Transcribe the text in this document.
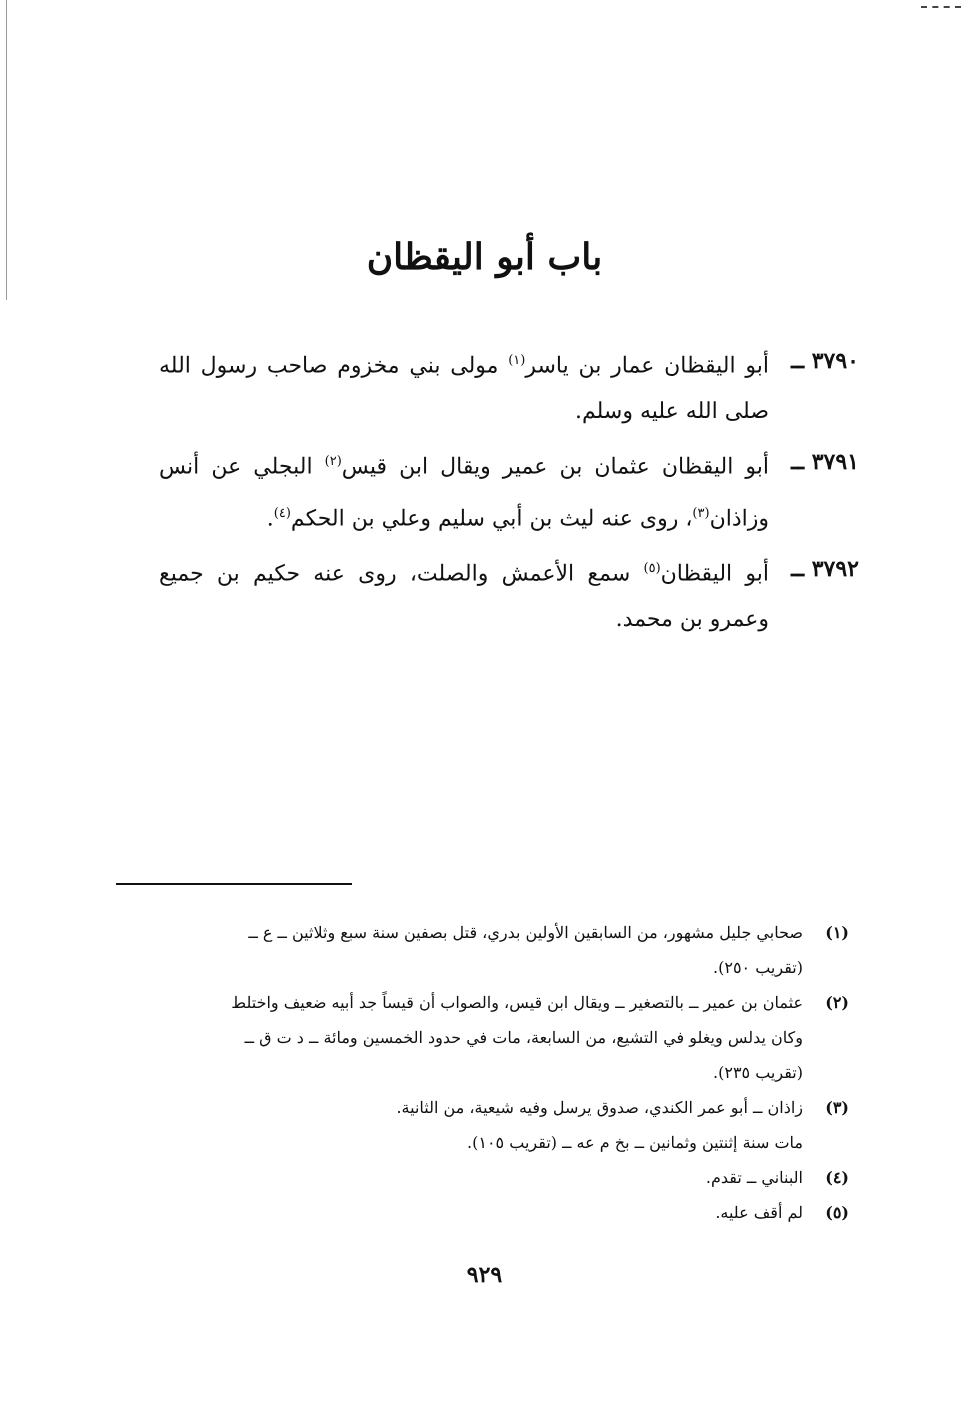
باب أبو اليقظان
٣٧٩٠ ــ
أبو اليقظان عمار بن ياسر$^{(١)}$ مولى بني مخزوم صاحب رسول الله صلى الله عليه وسلم.
٣٧٩١ ــ
أبو اليقظان عثمان بن عمير ويقال ابن قيس$^{(٢)}$ البجلي عن أنس وزاذان$^{(٣)}$، روى عنه ليث بن أبي سليم وعلي بن الحكم$^{(٤)}$.
٣٧٩٢ ــ
أبو اليقظان$^{(٥)}$ سمع الأعمش والصلت، روى عنه حكيم بن جميع وعمرو بن محمد.
(١)
صحابي جليل مشهور، من السابقين الأولين بدري، قتل بصفين سنة سبع وثلاثين ــ ع ــ
(تقريب ٢٥٠).
(٢)
عثمان بن عمير ــ بالتصغير ــ ويقال ابن قيس، والصواب أن قيساً جد أبيه ضعيف واختلط
وكان يدلس ويغلو في التشيع، من السابعة، مات في حدود الخمسين ومائة ــ د ت ق ــ
(تقريب ٢٣٥).
(٣)
زاذان ــ أبو عمر الكندي، صدوق يرسل وفيه شيعية، من الثانية.
مات سنة إثنتين وثمانين ــ بخ م عه ــ (تقريب ١٠٥).
(٤)
البناني ــ تقدم.
(٥)
لم أقف عليه.
٩٢٩
